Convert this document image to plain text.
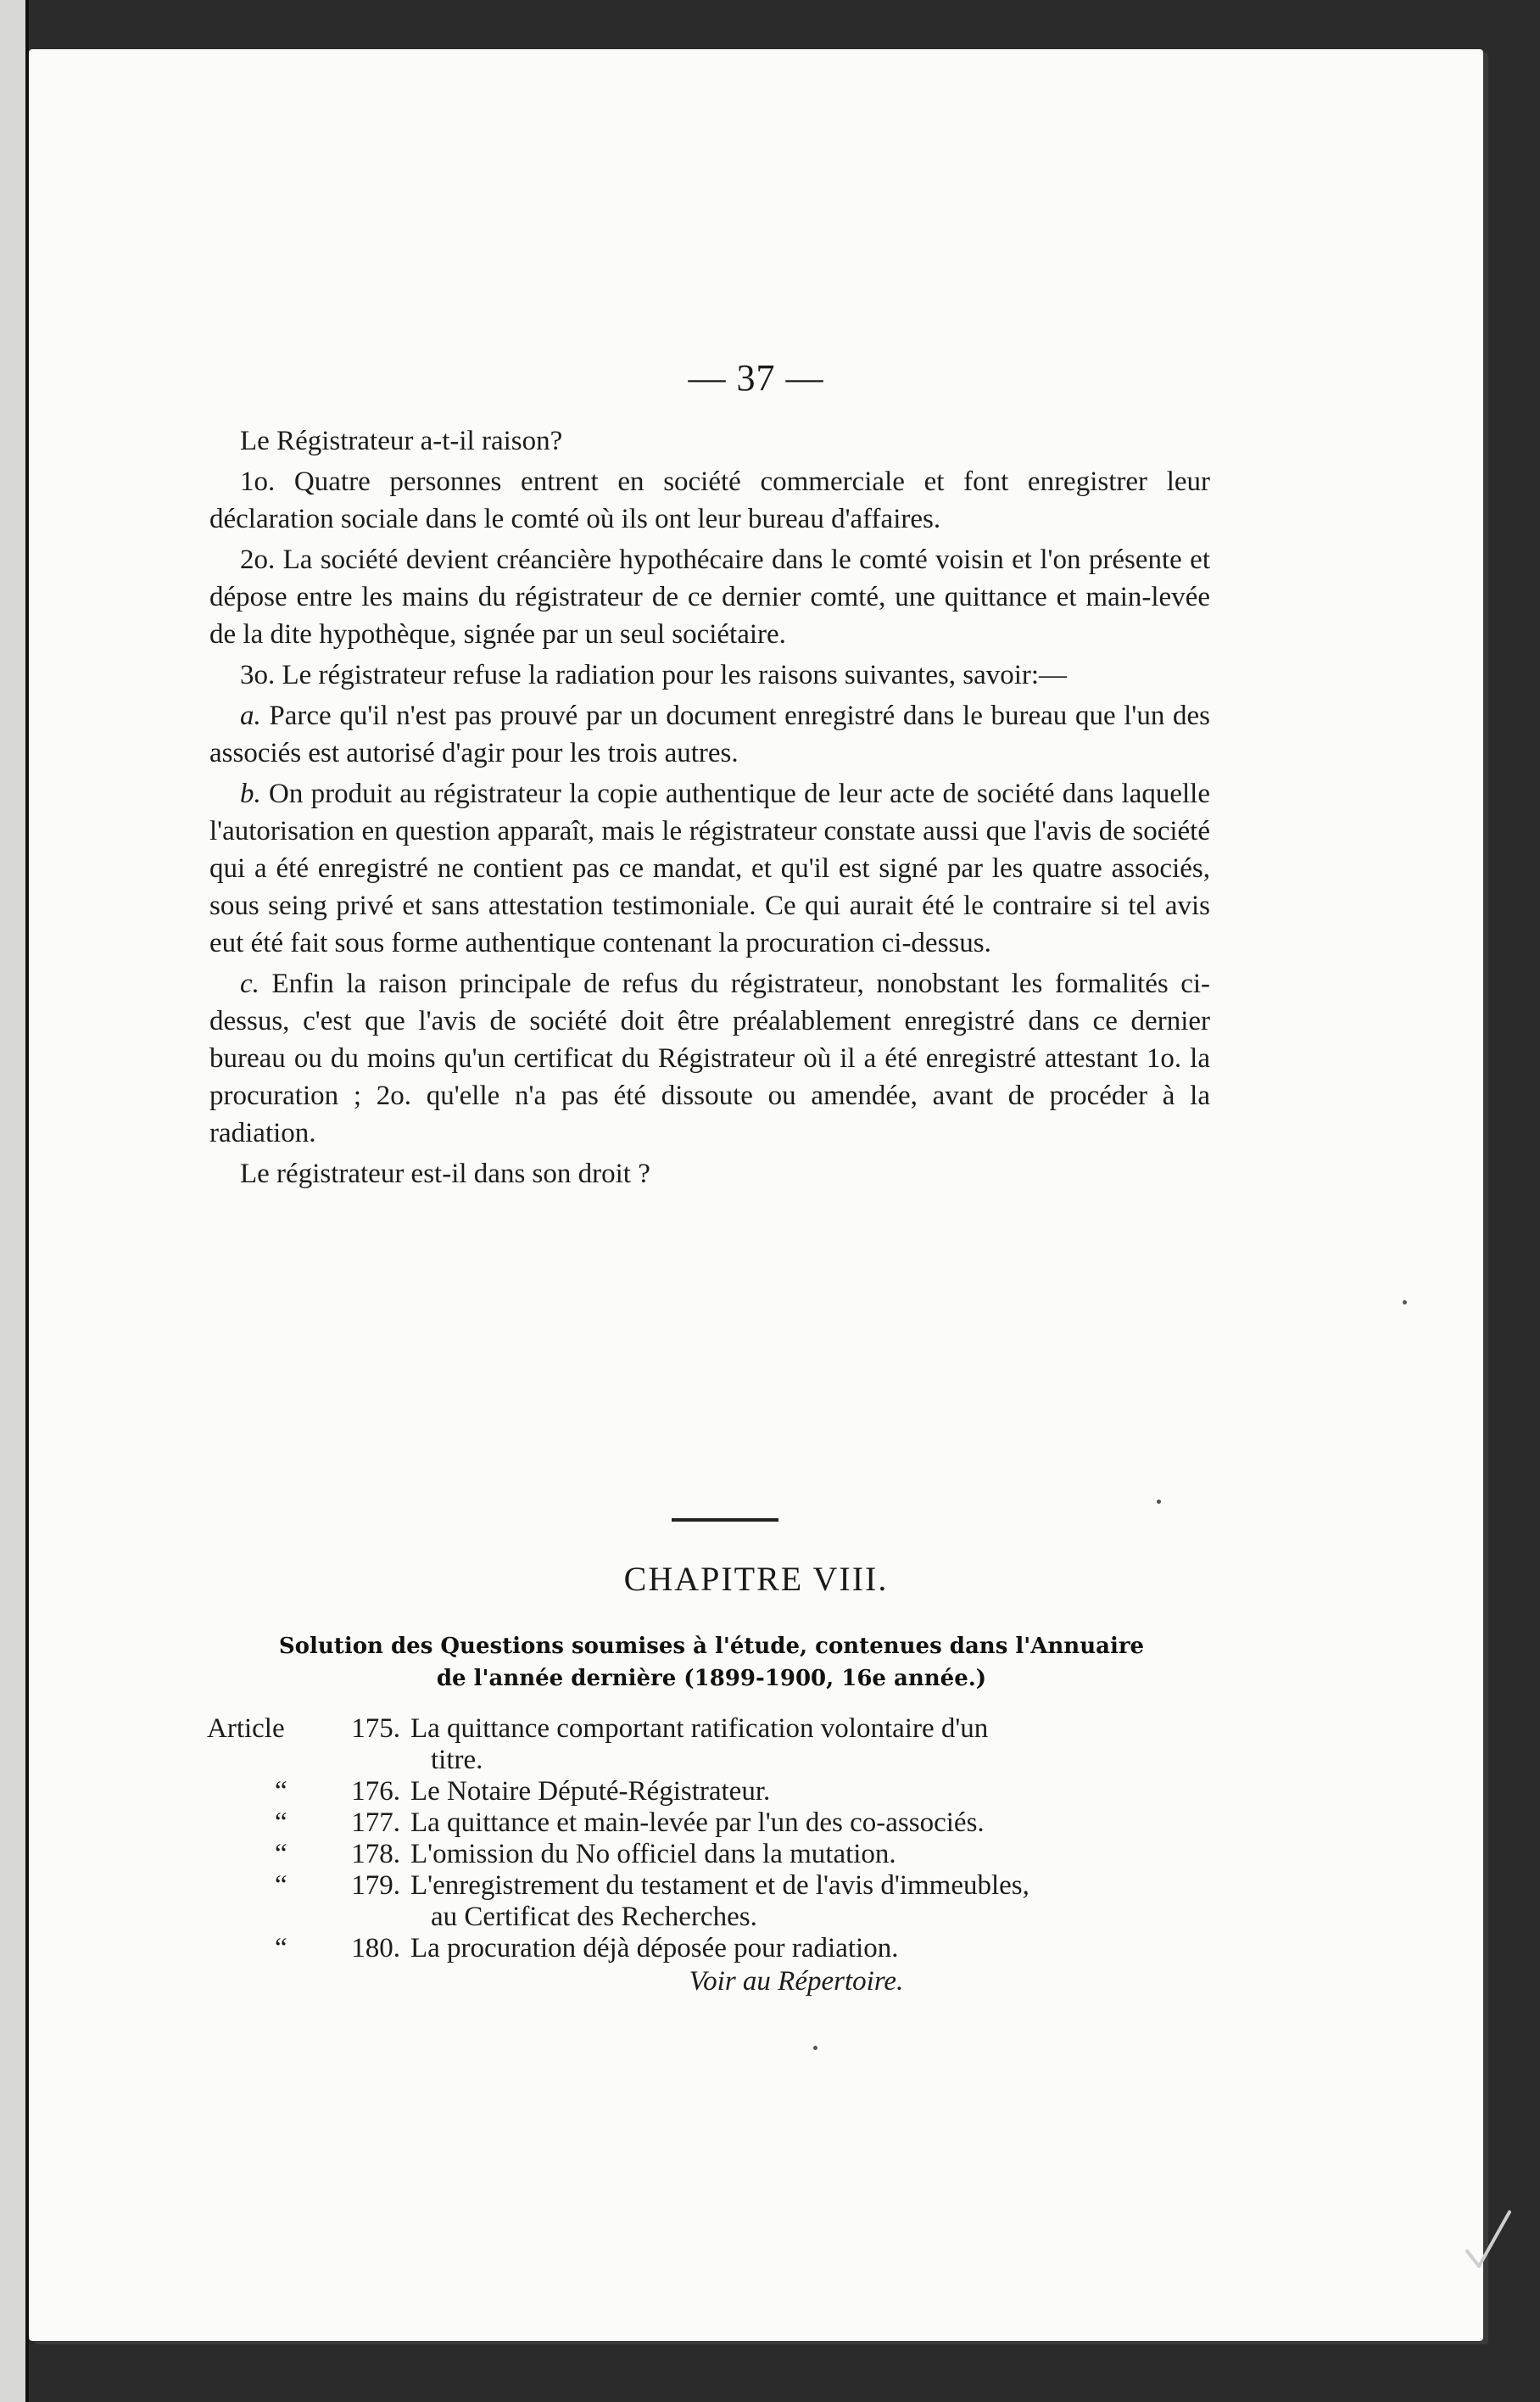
— 37 —

Le Régistrateur a-t-il raison?

1o. Quatre personnes entrent en société commerciale et font enregistrer leur déclaration sociale dans le comté où ils ont leur bureau d'affaires.

2o. La société devient créancière hypothécaire dans le comté voisin et l'on présente et dépose entre les mains du régistrateur de ce dernier comté, une quittance et main-levée de la dite hypothèque, signée par un seul sociétaire.

3o. Le régistrateur refuse la radiation pour les raisons suivantes, savoir:—

a. Parce qu'il n'est pas prouvé par un document enregistré dans le bureau que l'un des associés est autorisé d'agir pour les trois autres.

b. On produit au régistrateur la copie authentique de leur acte de société dans laquelle l'autorisation en question apparaît, mais le régistrateur constate aussi que l'avis de société qui a été enregistré ne contient pas ce mandat, et qu'il est signé par les quatre associés, sous seing privé et sans attestation testimoniale. Ce qui aurait été le contraire si tel avis eut été fait sous forme authentique contenant la procuration ci-dessus.

c. Enfin la raison principale de refus du régistrateur, nonobstant les formalités ci-dessus, c'est que l'avis de société doit être préalablement enregistré dans ce dernier bureau ou du moins qu'un certificat du Régistrateur où il a été enregistré attestant 1o. la procuration ; 2o. qu'elle n'a pas été dissoute ou amendée, avant de procéder à la radiation.

Le régistrateur est-il dans son droit ?

CHAPITRE VIII.
Solution des Questions soumises à l'étude, contenues dans l'Annuaire
de l'année dernière (1899-1900, 16e année.)
Article	175. La quittance comportant ratification volontaire d'un
titre.
“	176. Le Notaire Député-Régistrateur.
“	177. La quittance et main-levée par l'un des co-associés.
“	178. L'omission du No officiel dans la mutation.
“	179. L'enregistrement du testament et de l'avis d'immeubles,
au Certificat des Recherches.
“	180. La procuration déjà déposée pour radiation.
Voir au Répertoire.
